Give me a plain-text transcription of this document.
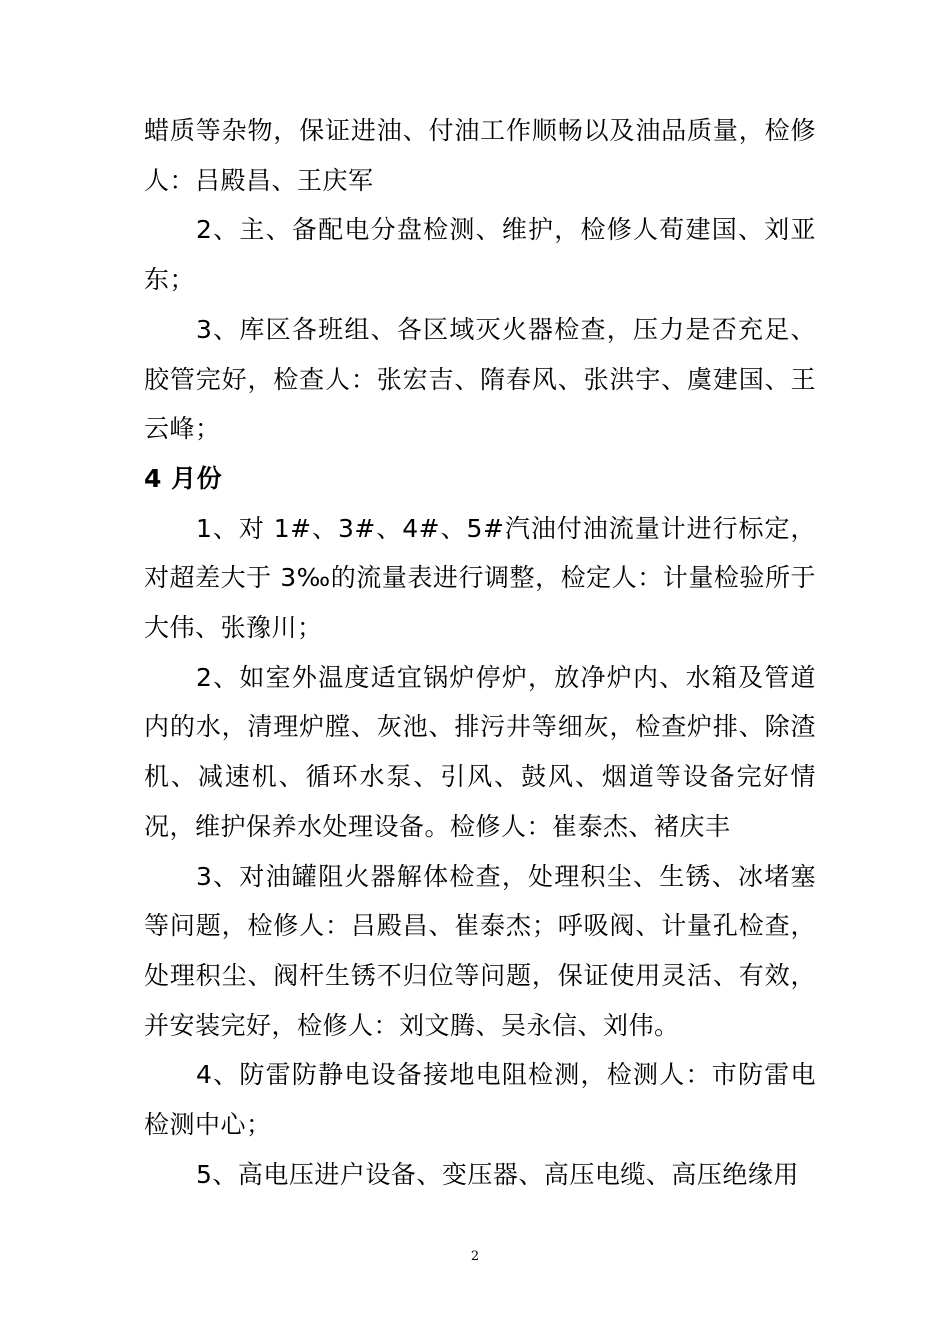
蜡质等杂物，保证进油、付油工作顺畅以及油品质量，检修人：吕殿昌、王庆军

2、主、备配电分盘检测、维护，检修人荀建国、刘亚东；

3、库区各班组、各区域灭火器检查，压力是否充足、胶管完好，检查人：张宏吉、隋春风、张洪宇、虞建国、王云峰；

4 月份

1、对 1#、3#、4#、5#汽油付油流量计进行标定，对超差大于 3‰的流量表进行调整，检定人：计量检验所于大伟、张豫川；

2、如室外温度适宜锅炉停炉，放净炉内、水箱及管道内的水，清理炉膛、灰池、排污井等细灰，检查炉排、除渣机、减速机、循环水泵、引风、鼓风、烟道等设备完好情况，维护保养水处理设备。检修人：崔泰杰、褚庆丰

3、对油罐阻火器解体检查，处理积尘、生锈、冰堵塞等问题，检修人：吕殿昌、崔泰杰；呼吸阀、计量孔检查，处理积尘、阀杆生锈不归位等问题，保证使用灵活、有效，并安装完好，检修人：刘文腾、吴永信、刘伟。

4、防雷防静电设备接地电阻检测，检测人：市防雷电检测中心；

5、高电压进户设备、变压器、高压电缆、高压绝缘用

2
